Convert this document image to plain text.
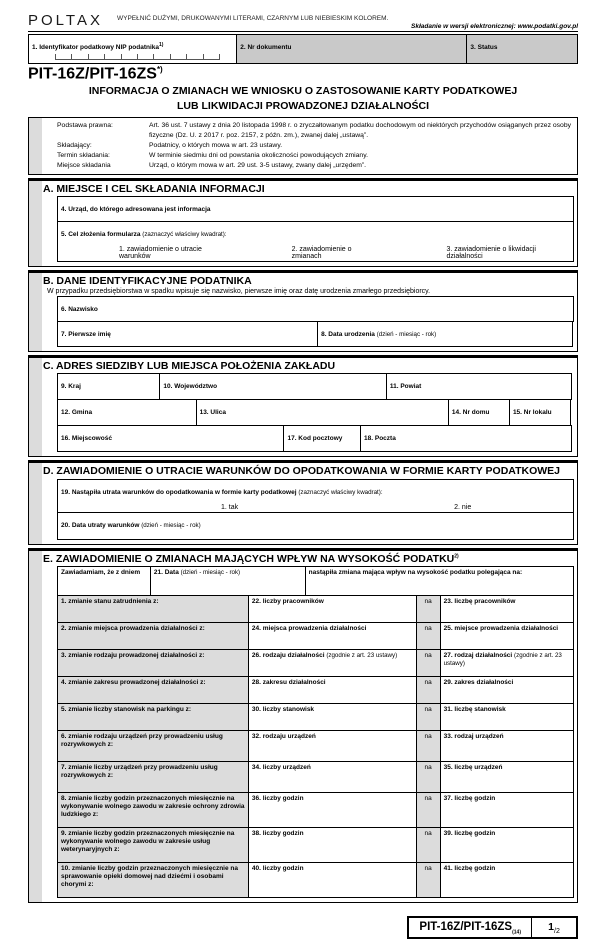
POLTAX WYPEŁNIĆ DUŻYMI, DRUKOWANYMI LITERAMI, CZARNYM LUB NIEBIESKIM KOLOREM.
Składanie w wersji elektronicznej: www.podatki.gov.pl
1. Identyfikator podatkowy NIP podatnika$^{1)}$	2. Nr dokumentu	3. Status
PIT-16Z/PIT-16ZS*)
INFORMACJA O ZMIANACH WE WNIOSKU O ZASTOSOWANIE KARTY PODATKOWEJ
LUB LIKWIDACJI PROWADZONEJ DZIAŁALNOŚCI
Podstawa prawna:	Art. 36 ust. 7 ustawy z dnia 20 listopada 1998 r. o zryczałtowanym podatku dochodowym od niektórych przychodów osiąganych przez osoby fizyczne (Dz. U. z 2017 r. poz. 2157, z późn. zm.), zwanej dalej „ustawą”.
Składający:	Podatnicy, o których mowa w art. 23 ustawy.
Termin składania:	W terminie siedmiu dni od powstania okoliczności powodujących zmiany.
Miejsce składania	Urząd, o którym mowa w art. 29 ust. 3-5 ustawy, zwany dalej „urzędem”.
A. MIEJSCE I CEL SKŁADANIA INFORMACJI
4. Urząd, do którego adresowana jest informacja
5. Cel złożenia formularza (zaznaczyć właściwy kwadrat):
1. zawiadomienie o utracie warunków
2. zawiadomienie o zmianach
3. zawiadomienie o likwidacji działalności
B. DANE IDENTYFIKACYJNE PODATNIKA
W przypadku przedsiębiorstwa w spadku wpisuje się nazwisko, pierwsze imię oraz datę urodzenia zmarłego przedsiębiorcy.
6. Nazwisko
7. Pierwsze imię	8. Data urodzenia (dzień - miesiąc - rok)
C. ADRES SIEDZIBY LUB MIEJSCA POŁOŻENIA ZAKŁADU
9. Kraj	10. Województwo	11. Powiat
12. Gmina	13. Ulica	14. Nr domu	15. Nr lokalu
16. Miejscowość	17. Kod pocztowy	18. Poczta
D. ZAWIADOMIENIE O UTRACIE WARUNKÓW DO OPODATKOWANIA W FORMIE KARTY PODATKOWEJ
19. Nastąpiła utrata warunków do opodatkowania w formie karty podatkowej (zaznaczyć właściwy kwadrat):
1. tak	2. nie
20. Data utraty warunków (dzień - miesiąc - rok)
E. ZAWIADOMIENIE O ZMIANACH MAJĄCYCH WPŁYW NA WYSOKOŚĆ PODATKU$^{2)}$
Zawiadamiam, że z dniem	21. Data (dzień - miesiąc - rok)	nastąpiła zmiana mająca wpływ na wysokość podatku polegająca na:
1. zmianie stanu zatrudnienia z:	22. liczby pracowników	na	23. liczbę pracowników
2. zmianie miejsca prowadzenia działalności z:	24. miejsca prowadzenia działalności	na	25. miejsce prowadzenia działalności
3. zmianie rodzaju prowadzonej działalności z:	26. rodzaju działalności (zgodnie z art. 23 ustawy)	na	27. rodzaj działalności (zgodnie z art. 23 ustawy)
4. zmianie zakresu prowadzonej działalności z:	28. zakresu działalności	na	29. zakres działalności
5. zmianie liczby stanowisk na parkingu z:	30. liczby stanowisk	na	31. liczbę stanowisk
6. zmianie rodzaju urządzeń przy prowadzeniu usług rozrywkowych z:	32. rodzaju urządzeń	na	33. rodzaj urządzeń
7. zmianie liczby urządzeń przy prowadzeniu usług rozrywkowych z:	34. liczby urządzeń	na	35. liczbę urządzeń
8. zmianie liczby godzin przeznaczonych miesięcznie na wykonywanie wolnego zawodu w zakresie ochrony zdrowia ludzkiego z:	36. liczby godzin	na	37. liczbę godzin
9. zmianie liczby godzin przeznaczonych miesięcznie na wykonywanie wolnego zawodu w zakresie usług weterynaryjnych z:	38. liczby godzin	na	39. liczbę godzin
10. zmianie liczby godzin przeznaczonych miesięcznie na sprawowanie opieki domowej nad dziećmi i osobami chorymi z:	40. liczby godzin	na	41. liczbę godzin
PIT-$16Z/PIT-16ZS_{(14)}$	$1_{/2}$
